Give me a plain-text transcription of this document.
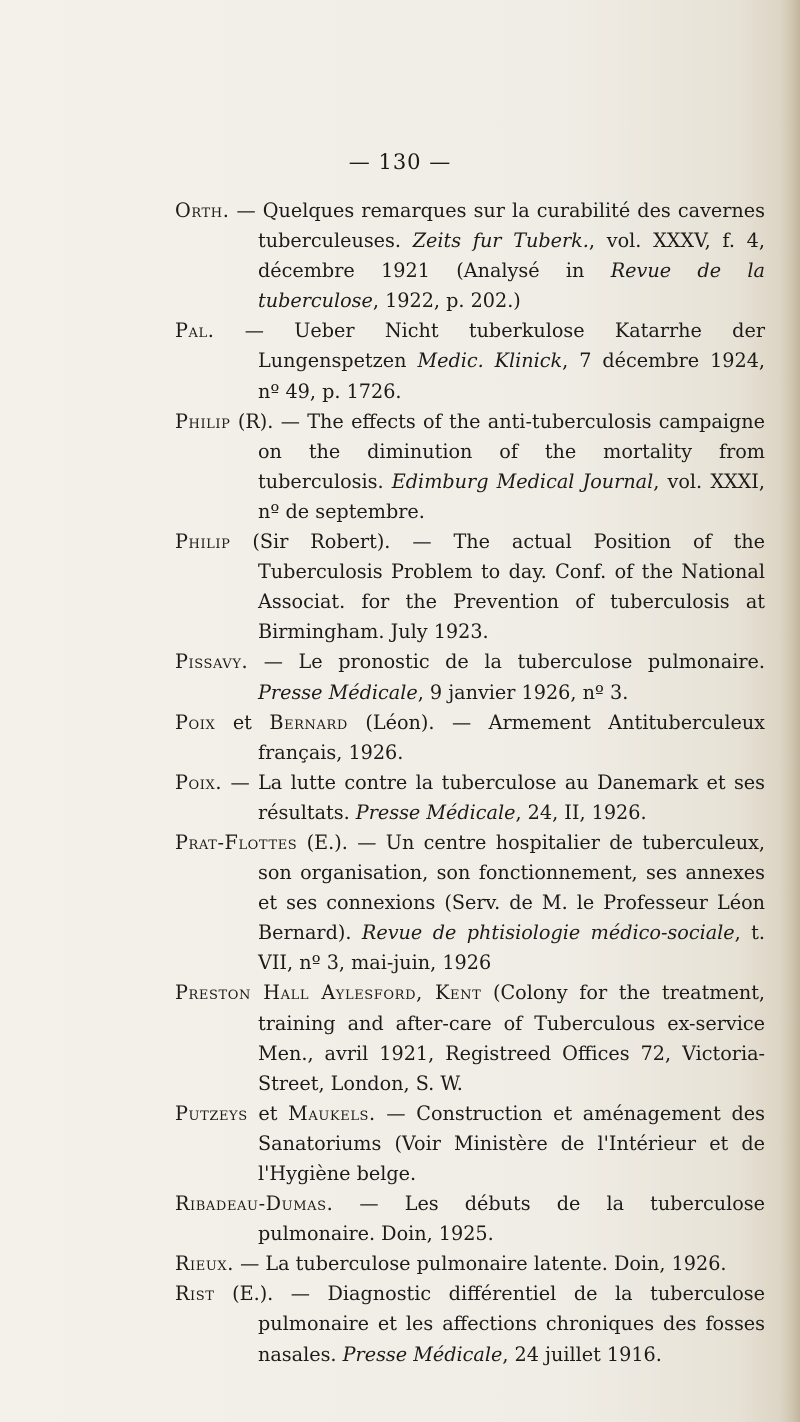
— 130 —

Orth. — Quelques remarques sur la curabilité des cavernes tuberculeuses. Zeits fur Tuberk., vol. XXXV, f. 4, décembre 1921 (Analysé in Revue de la tuberculose, 1922, p. 202.)

Pal. — Ueber Nicht tuberkulose Katarrhe der Lungenspetzen Medic. Klinick, 7 décembre 1924, nº 49, p. 1726.

Philip (R). — The effects of the anti-tuberculosis campaigne on the diminution of the mortality from tuberculosis. Edimburg Medical Journal, vol. XXXI, nº de septembre.

Philip (Sir Robert). — The actual Position of the Tuberculosis Problem to day. Conf. of the National Associat. for the Prevention of tuberculosis at Birmingham. July 1923.

Pissavy. — Le pronostic de la tuberculose pulmonaire. Presse Médicale, 9 janvier 1926, nº 3.

Poix et Bernard (Léon). — Armement Antituberculeux français, 1926.

Poix. — La lutte contre la tuberculose au Danemark et ses résultats. Presse Médicale, 24, II, 1926.

Prat-Flottes (E.). — Un centre hospitalier de tuberculeux, son organisation, son fonctionnement, ses annexes et ses connexions (Serv. de M. le Professeur Léon Bernard). Revue de phtisiologie médico-sociale, t. VII, nº 3, mai-juin, 1926

Preston Hall Aylesford, Kent (Colony for the treatment, training and after-care of Tuberculous ex-service Men., avril 1921, Registreed Offices 72, Victoria-Street, London, S. W.

Putzeys et Maukels. — Construction et aménagement des Sanatoriums (Voir Ministère de l'Intérieur et de l'Hygiène belge.

Ribadeau-Dumas. — Les débuts de la tuberculose pulmonaire. Doin, 1925.

Rieux. — La tuberculose pulmonaire latente. Doin, 1926.

Rist (E.). — Diagnostic différentiel de la tuberculose pulmonaire et les affections chroniques des fosses nasales. Presse Médicale, 24 juillet 1916.
